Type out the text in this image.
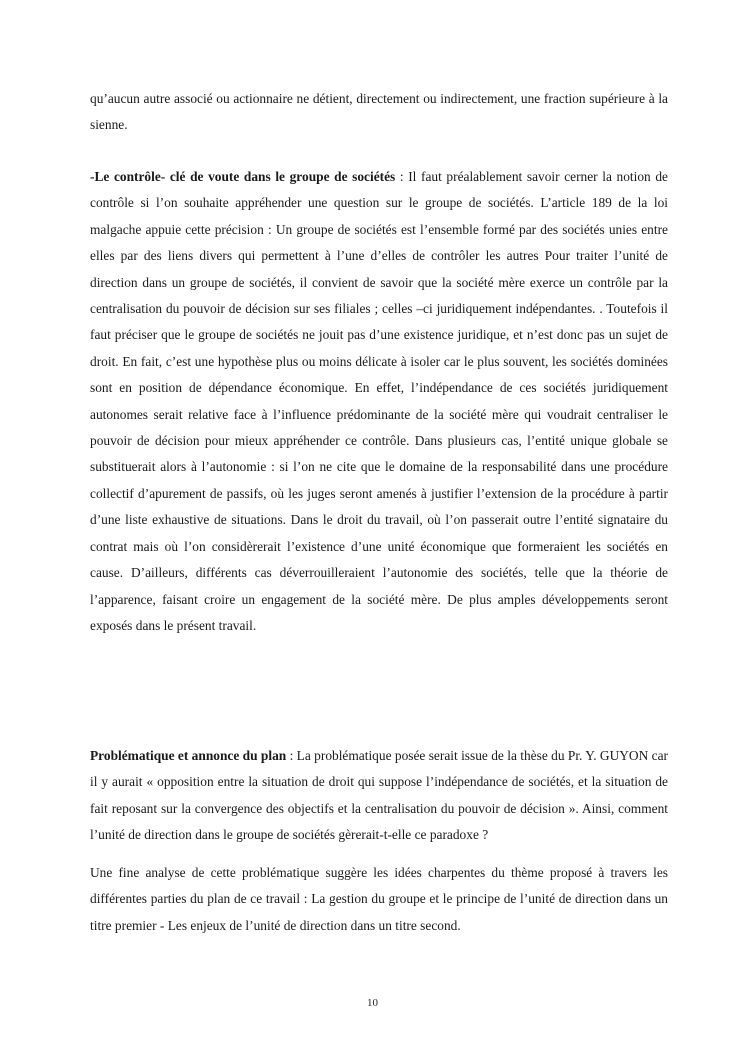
qu’aucun autre associé ou actionnaire ne détient, directement ou indirectement, une fraction supérieure à la sienne.

-Le contrôle- clé de voute dans le groupe de sociétés : Il faut préalablement savoir cerner la notion de contrôle si l’on souhaite appréhender une question sur le groupe de sociétés. L’article 189 de la loi malgache appuie cette précision : Un groupe de sociétés est l’ensemble formé par des sociétés unies entre elles par des liens divers qui permettent à l’une d’elles de contrôler les autres Pour traiter l’unité de direction dans un groupe de sociétés, il convient de savoir que la société mère exerce un contrôle par la centralisation du pouvoir de décision sur ses filiales ; celles –ci juridiquement indépendantes. . Toutefois il faut préciser que le groupe de sociétés ne jouit pas d’une existence juridique, et n’est donc pas un sujet de droit. En fait, c’est une hypothèse plus ou moins délicate à isoler car le plus souvent, les sociétés dominées sont en position de dépendance économique. En effet, l’indépendance de ces sociétés juridiquement autonomes serait relative face à l’influence prédominante de la société mère qui voudrait centraliser le pouvoir de décision pour mieux appréhender ce contrôle. Dans plusieurs cas, l’entité unique globale se substituerait alors à l’autonomie : si l’on ne cite que le domaine de la responsabilité dans une procédure collectif d’apurement de passifs, où les juges seront amenés à justifier l’extension de la procédure à partir d’une liste exhaustive de situations. Dans le droit du travail, où l’on passerait outre l’entité signataire du contrat mais où l’on considèrerait l’existence d’une unité économique que formeraient les sociétés en cause. D’ailleurs, différents cas déverrouilleraient l’autonomie des sociétés, telle que la théorie de l’apparence, faisant croire un engagement de la société mère. De plus amples développements seront exposés dans le présent travail.

Problématique et annonce du plan : La problématique posée serait issue de la thèse du Pr. Y. GUYON car il y aurait « opposition entre la situation de droit qui suppose l’indépendance de sociétés, et la situation de fait reposant sur la convergence des objectifs et la centralisation du pouvoir de décision ». Ainsi, comment l’unité de direction dans le groupe de sociétés gèrerait-t-elle ce paradoxe ?

Une fine analyse de cette problématique suggère les idées charpentes du thème proposé à travers les différentes parties du plan de ce travail : La gestion du groupe et le principe de l’unité de direction dans un titre premier - Les enjeux de l’unité de direction dans un titre second.

10
